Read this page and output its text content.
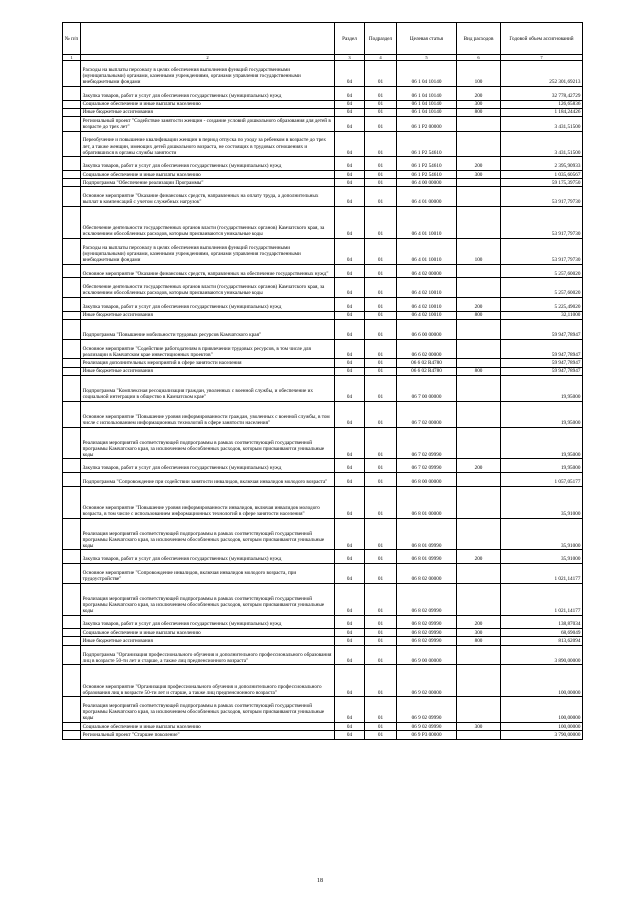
№ п/п		Раздел	Подраздел	Целевая статья	Вид расходов	Годовой объем ассигнований
1	2	3	4	5	6	7
	Расходы на выплаты персоналу в целях обеспечения выполнения функций государственными (муниципальными) органами, казенными учреждениями, органами управления государственными внебюджетными фондами	04	01	06 1 04 10140	100	252 301,69213
	Закупка товаров, работ и услуг для обеспечения государственных (муниципальных) нужд	04	01	06 1 04 10140	200	32 778,42729
	Социальное обеспечение и иные выплаты населению	04	01	06 1 04 10140	300	126,65836
	Иные бюджетные ассигнования	04	01	06 1 04 10140	800	1 184,24426
	Региональный проект "Содействие занятости женщин - создание условий дошкольного образования для детей в возрасте до трех лет"	04	01	06 1 P2 00000		3 431,51500
	Переобучение и повышение квалификации женщин в период отпуска по уходу за ребенком в возрасте до трех лет, а также женщин, имеющих детей дошкольного возраста, не состоящих в трудовых отношениях и обратившихся в органы службы занятости	04	01	06 1 P2 54610		3 431,51500
	Закупка товаров, работ и услуг для обеспечения государственных (муниципальных) нужд	04	01	06 1 P2 54610	200	2 395,90933
	Социальное обеспечение и иные выплаты населению	04	01	06 1 P2 54610	300	1 035,60567
	Подпрограмма "Обеспечение реализации Программы"	04	01	06 4 00 00000		59 175,39750
	Основное мероприятие "Оказание финансовых средств, направленных на оплату труда, а дополнительных выплат в компенсаций с учетом служебных нагрузок"	04	01	06 4 01 00000		53 917,79730
	Обеспечение деятельности государственных органов власти (государственных органов) Камчатского края, за исключением обособленных расходов, которым присваиваются уникальные коды	04	01	06 4 01 10010		53 917,79730
	Расходы на выплаты персоналу в целях обеспечения выполнения функций государственными (муниципальными) органами, казенными учреждениями, органами управления государственными внебюджетными фондами	04	01	06 4 01 10010	100	53 917,79730
	Основное мероприятие "Оказание финансовых средств, направленных на обеспечение государственных нужд"	04	01	06 4 02 00000		5 257,60020
	Обеспечение деятельности государственных органов власти (государственных органов) Камчатского края, за исключением обособленных расходов, которым присваиваются уникальные коды	04	01	06 4 02 10010		5 257,60020
	Закупка товаров, работ и услуг для обеспечения государственных (муниципальных) нужд	04	01	06 4 02 10010	200	5 225,49020
	Иные бюджетные ассигнования	04	01	06 4 02 10010	800	32,11000
	Подпрограмма "Повышение мобильности трудовых ресурсов Камчатского края"	04	01	06 6 00 00000		59 947,78947
	Основное мероприятие "Содействие работодателям в привлечении трудовых ресурсов, в том числе для реализации в Камчатском крае инвестиционных проектов"	04	01	06 6 02 00000		59 947,78947
	Реализация дополнительных мероприятий в сфере занятости населения	04	01	06 6 02 R4780		59 947,78947
	Иные бюджетные ассигнования	04	01	06 6 02 R4780	800	59 947,78947
	Подпрограмма "Комплексная ресоциализация граждан, уволенных с военной службы, и обеспечение их социальной интеграции в общество в Камчатском крае"	04	01	06 7 00 00000		19,95000
	Основное мероприятие "Повышение уровня информированности граждан, уволенных с военной службы, в том числе с использованием информационных технологий в сфере занятости населения"	04	01	06 7 02 00000		19,95000
	Реализация мероприятий соответствующей подпрограммы в рамках соответствующей государственной программы Камчатского края, за исключением обособленных расходов, которым присваиваются уникальные коды	04	01	06 7 02 09990		19,95000
	Закупка товаров, работ и услуг для обеспечения государственных (муниципальных) нужд	04	01	06 7 02 09990	200	19,95000
	Подпрограмма "Сопровождение при содействии занятости инвалидов, включая инвалидов молодого возраста"	04	01	06 8 00 00000		1 057,05177
	Основное мероприятие "Повышение уровня информированности инвалидов, включая инвалидов молодого возраста, в том числе с использованием информационных технологий в сфере занятости населения"	04	01	06 8 01 00000		35,91000
	Реализация мероприятий соответствующей подпрограммы в рамках соответствующей государственной программы Камчатского края, за исключением обособленных расходов, которым присваиваются уникальные коды	04	01	06 8 01 09990		35,91000
	Закупка товаров, работ и услуг для обеспечения государственных (муниципальных) нужд	04	01	06 8 01 09990	200	35,91000
	Основное мероприятие "Сопровождение инвалидов, включая инвалидов молодого возраста, при трудоустройстве"	04	01	06 8 02 00000		1 021,14177
	Реализация мероприятий соответствующей подпрограммы в рамках соответствующей государственной программы Камчатского края, за исключением обособленных расходов, которым присваиваются уникальные коды	04	01	06 8 02 09990		1 021,14177
	Закупка товаров, работ и услуг для обеспечения государственных (муниципальных) нужд	04	01	06 8 02 09990	200	138,87034
	Социальное обеспечение и иные выплаты населению	04	01	06 8 02 09990	300	68,69049
	Иные бюджетные ассигнования	04	01	06 8 02 09990	800	813,62094
	Подпрограмма "Организация профессионального обучения и дополнительного профессионального образования лиц в возрасте 50-ти лет и старше, а также лиц предпенсионного возраста"	04	01	06 9 00 00000		3 890,00000
	Основное мероприятие "Организация профессионального обучения и дополнительного профессионального образования лиц в возрасте 50-ти лет и старше, а также лиц предпенсионного возраста"	04	01	06 9 02 00000		100,00000
	Реализация мероприятий соответствующей подпрограммы в рамках соответствующей государственной программы Камчатского края, за исключением обособленных расходов, которым присваиваются уникальные коды	04	01	06 9 02 09990		100,00000
	Социальное обеспечение и иные выплаты населению	04	01	06 9 02 09990	300	100,00000
	Региональный проект "Старшее поколение"	04	01	06 9 P3 00000		3 790,00000
18
